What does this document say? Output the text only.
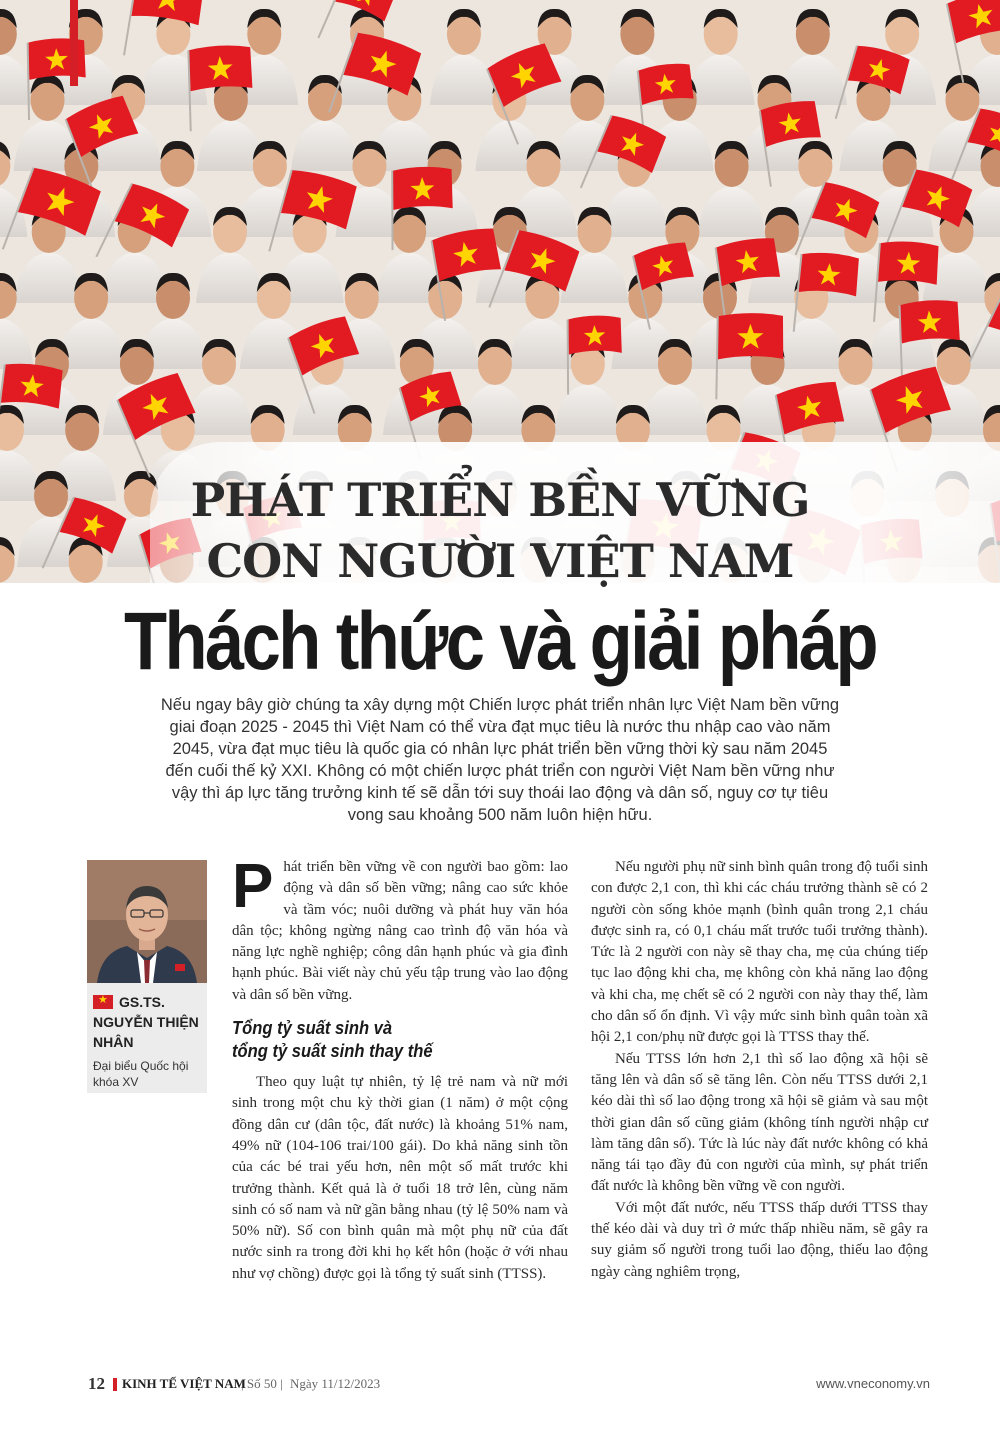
PHÁT TRIỂN BỀN VỮNG
CON NGƯỜI VIỆT NAM
Thách thức và giải pháp
Nếu ngay bây giờ chúng ta xây dựng một Chiến lược phát triển nhân lực Việt Nam bền vững giai đoạn 2025 - 2045 thì Việt Nam có thể vừa đạt mục tiêu là nước thu nhập cao vào năm 2045, vừa đạt mục tiêu là quốc gia có nhân lực phát triển bền vững thời kỳ sau năm 2045 đến cuối thế kỷ XXI. Không có một chiến lược phát triển con người Việt Nam bền vững như vậy thì áp lực tăng trưởng kinh tế sẽ dẫn tới suy thoái lao động và dân số, nguy cơ tự tiêu vong sau khoảng 500 năm luôn hiện hữu.
★
GS.TS. NGUYỄN THIỆN NHÂN
Đại biểu Quốc hội khóa XV

Phát triển bền vững về con người bao gồm: lao động và dân số bền vững; nâng cao sức khỏe và tầm vóc; nuôi dưỡng và phát huy văn hóa dân tộc; không ngừng nâng cao trình độ văn hóa và năng lực nghề nghiệp; công dân hạnh phúc và gia đình hạnh phúc. Bài viết này chủ yếu tập trung vào lao động và dân số bền vững.

Tổng tỷ suất sinh và
tổng tỷ suất sinh thay thế

Theo quy luật tự nhiên, tỷ lệ trẻ nam và nữ mới sinh trong một chu kỳ thời gian (1 năm) ở một cộng đồng dân cư (dân tộc, đất nước) là khoảng 51% nam, 49% nữ (104-106 trai/100 gái). Do khả năng sinh tồn của các bé trai yếu hơn, nên một số mất trước khi trưởng thành. Kết quả là ở tuổi 18 trở lên, cùng năm sinh có số nam và nữ gần bằng nhau (tỷ lệ 50% nam và 50% nữ). Số con bình quân mà một phụ nữ của đất nước sinh ra trong đời khi họ kết hôn (hoặc ở với nhau như vợ chồng) được gọi là tổng tỷ suất sinh (TTSS).

Nếu người phụ nữ sinh bình quân trong độ tuổi sinh con được 2,1 con, thì khi các cháu trưởng thành sẽ có 2 người còn sống khỏe mạnh (bình quân trong 2,1 cháu được sinh ra, có 0,1 cháu mất trước tuổi trưởng thành). Tức là 2 người con này sẽ thay cha, mẹ của chúng tiếp tục lao động khi cha, mẹ không còn khả năng lao động và khi cha, mẹ chết sẽ có 2 người con này thay thế, làm cho dân số ổn định. Vì vậy mức sinh bình quân toàn xã hội 2,1 con/phụ nữ được gọi là TTSS thay thế.

Nếu TTSS lớn hơn 2,1 thì số lao động xã hội sẽ tăng lên và dân số sẽ tăng lên. Còn nếu TTSS dưới 2,1 kéo dài thì số lao động trong xã hội sẽ giảm và sau một thời gian dân số cũng giảm (không tính người nhập cư làm tăng dân số). Tức là lúc này đất nước không có khả năng tái tạo đầy đủ con người của mình, sự phát triển đất nước là không bền vững về con người.

Với một đất nước, nếu TTSS thấp dưới TTSS thay thế kéo dài và duy trì ở mức thấp nhiều năm, sẽ gây ra suy giảm số người trong tuổi lao động, thiếu lao động ngày càng nghiêm trọng,

12 KINH TẾ VIỆT NAM
| Số 50 | Ngày 11/12/2023	www.vneconomy.vn
